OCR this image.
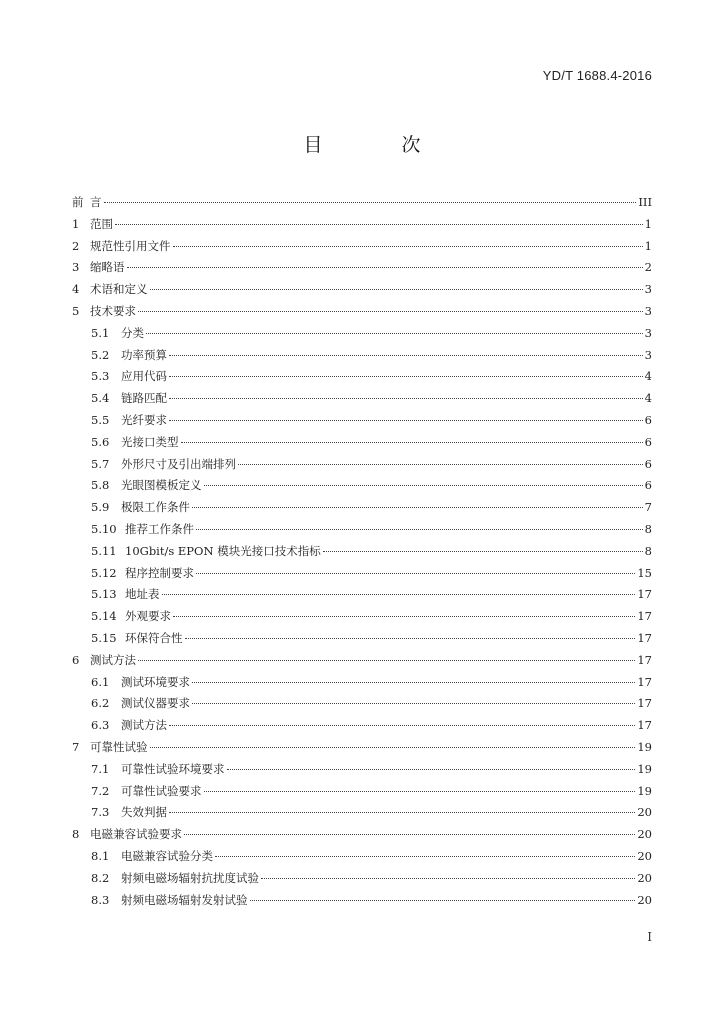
YD/T 1688.4-2016
目　次
前 言	III
1 范围	1
2 规范性引用文件	1
3 缩略语	2
4 术语和定义	3
5 技术要求	3
5.1	分类	3
5.2	功率预算	3
5.3	应用代码	4
5.4	链路匹配	4
5.5	光纤要求	6
5.6	光接口类型	6
5.7	外形尺寸及引出端排列	6
5.8	光眼图模板定义	6
5.9	极限工作条件	7
5.10 推荐工作条件	8
5.11 10Gbit/s EPON 模块光接口技术指标	8
5.12 程序控制要求	15
5.13 地址表	17
5.14 外观要求	17
5.15 环保符合性	17
6 测试方法	17
6.1	测试环境要求	17
6.2	测试仪器要求	17
6.3	测试方法	17
7 可靠性试验	19
7.1	可靠性试验环境要求	19
7.2	可靠性试验要求	19
7.3	失效判据	20
8 电磁兼容试验要求	20
8.1	电磁兼容试验分类	20
8.2	射频电磁场辐射抗扰度试验	20
8.3	射频电磁场辐射发射试验	20
I
